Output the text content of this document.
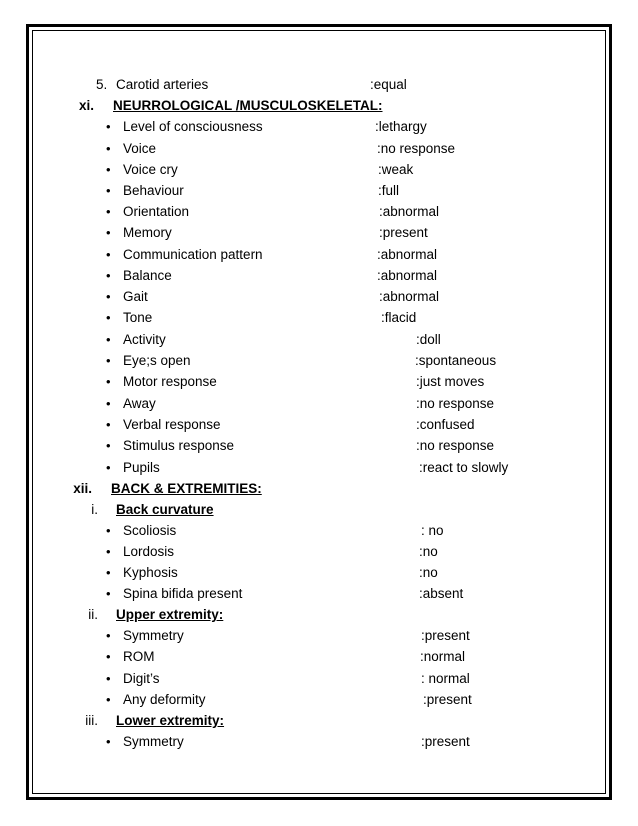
5. Carotid arteries	:equal
xi. NEURROLOGICAL /MUSCULOSKELETAL:
• Level of consciousness	:lethargy
• Voice	:no response
• Voice cry	:weak
• Behaviour	:full
• Orientation	:abnormal
• Memory	:present
• Communication pattern	:abnormal
• Balance	:abnormal
• Gait	:abnormal
• Tone	:flacid
• Activity	:doll
• Eye;s open	:spontaneous
• Motor response	:just moves
• Away	:no response
• Verbal response	:confused
• Stimulus response	:no response
• Pupils	:react to slowly
xii. BACK & EXTREMITIES:
i. Back curvature
• Scoliosis	: no
• Lordosis	:no
• Kyphosis	:no
• Spina bifida present	:absent
ii. Upper extremity:
• Symmetry	:present
• ROM	:normal
• Digit’s	: normal
• Any deformity	:present
iii. Lower extremity:
• Symmetry	:present
